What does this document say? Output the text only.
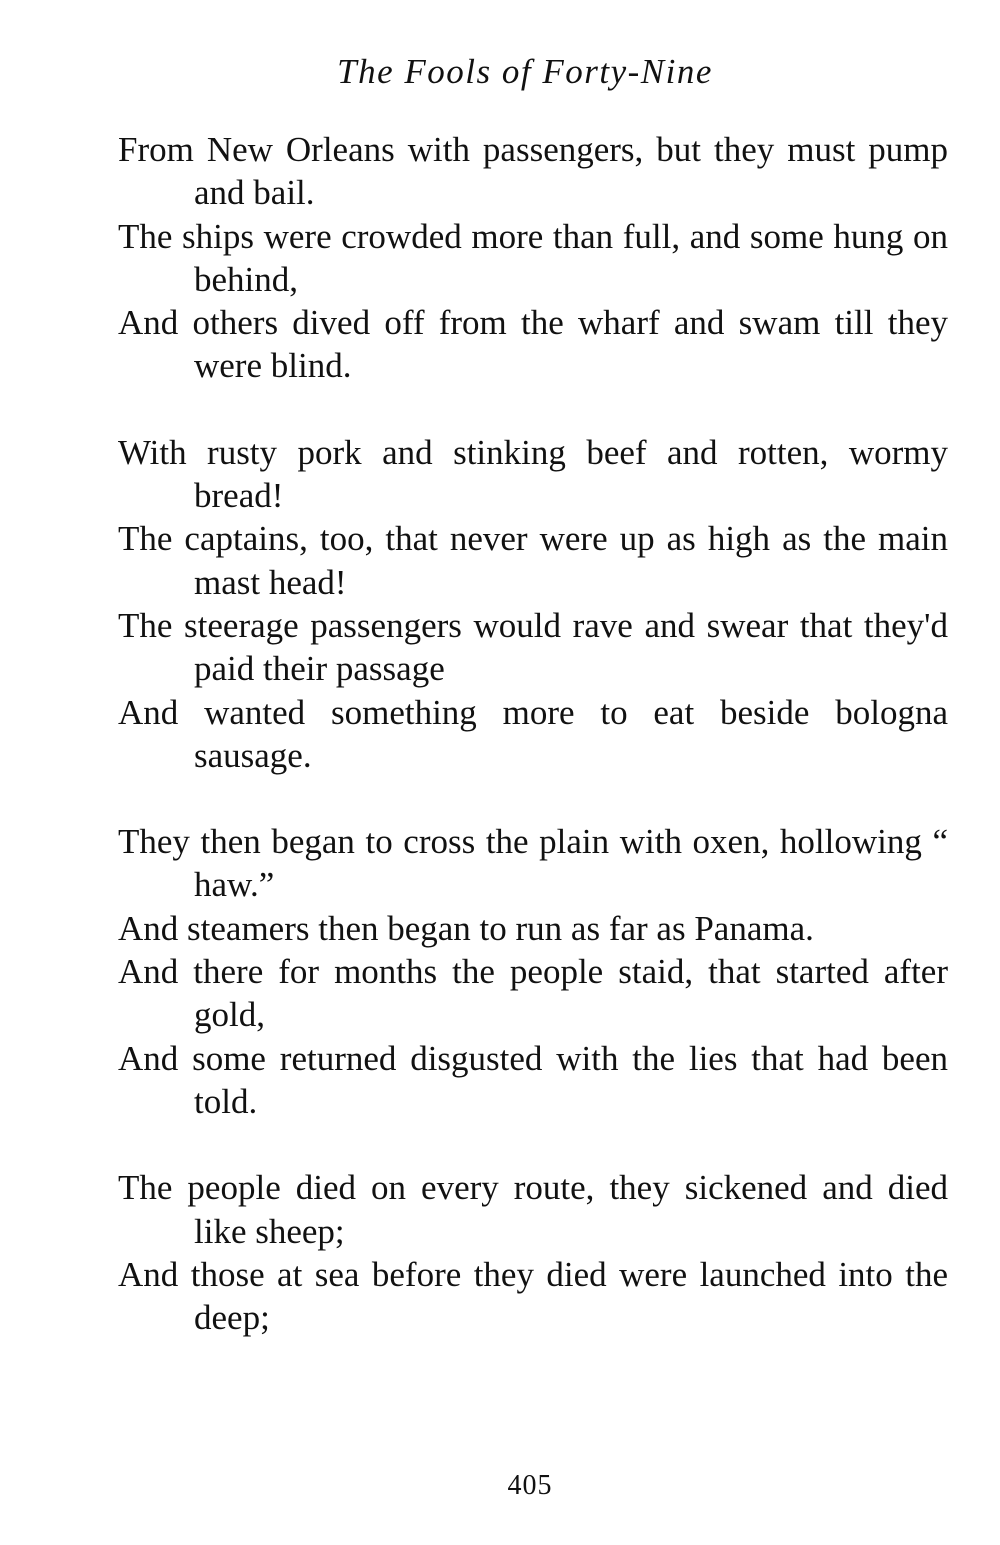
The Fools of Forty-Nine
From New Orleans with passengers, but they must pump and bail.
The ships were crowded more than full, and some hung on behind,
And others dived off from the wharf and swam till they were blind.
With rusty pork and stinking beef and rotten, wormy bread!
The captains, too, that never were up as high as the main mast head!
The steerage passengers would rave and swear that they'd paid their passage
And wanted something more to eat beside bologna sausage.
They then began to cross the plain with oxen, hollowing “ haw.”
And steamers then began to run as far as Panama.
And there for months the people staid, that started after gold,
And some returned disgusted with the lies that had been told.
The people died on every route, they sickened and died like sheep;
And those at sea before they died were launched into the deep;
405
